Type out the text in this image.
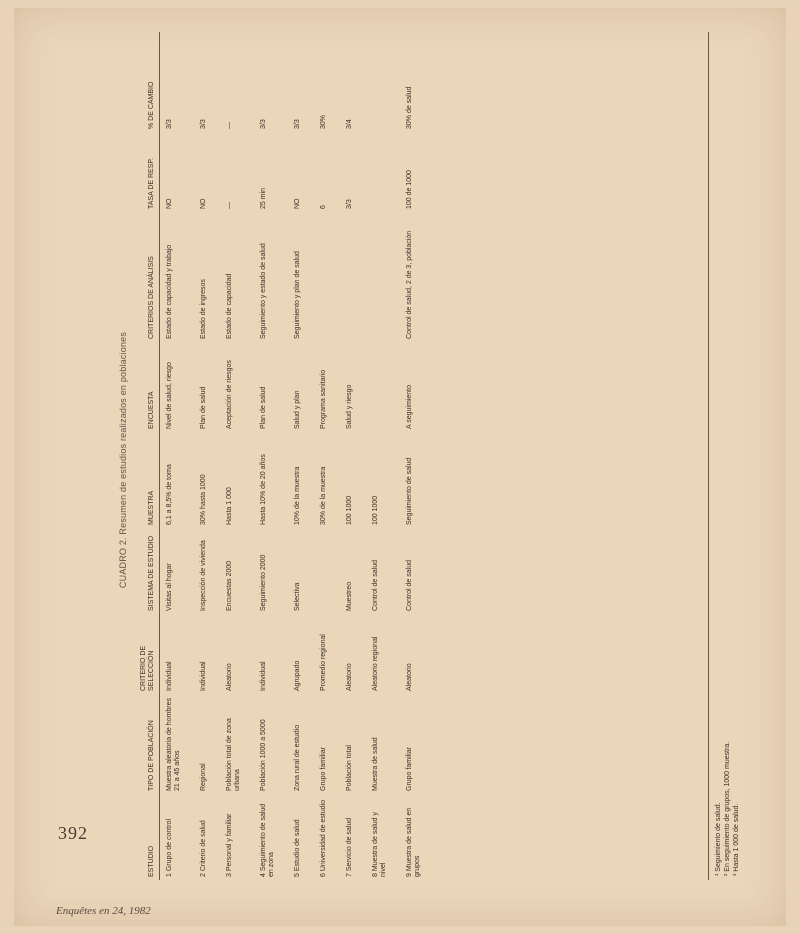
CUADRO 2. Resumen de estudios realizados en poblaciones
ESTUDIO	TIPO DE POBLACIÓN	CRITERIO DE SELECCIÓN	SISTEMA DE ESTUDIO	MUESTRA	ENCUESTA	CRITERIOS DE ANÁLISIS	TASA DE RESP.	% DE CAMBIO
1 Grupo de control	Muestra aleatoria de hombres 21 a 45 años	Individual	Visitas al hogar	6,1 a 8,5% de toma	Nivel de salud, riesgo	Estado de capacidad y trabajo	NO	3/3
2 Criterio de salud	Regional	Individual	Inspección de vivienda	30% hasta 1000	Plan de salud	Estado de ingresos	NO	3/3
3 Personal y familiar	Población total de zona urbana	Aleatorio	Encuestas 2000	Hasta 1 000	Aceptación de riesgos	Estado de capacidad	—	—
4 Seguimiento de salud en zona	Población 1000 a 5000	Individual	Seguimiento 2000	Hasta 10% de 20 años	Plan de salud	Seguimiento y estado de salud	25 min	3/3
5 Estudio de salud	Zona rural de estudio	Agrupado	Selectiva	10% de la muestra	Salud y plan	Seguimiento y plan de salud	NO	3/3
6 Universidad de estudio	Grupo familiar	Promedio regional		30% de la muestra	Programa sanitario		6	30%
7 Servicio de salud	Población total	Aleatorio	Muestreo	100 1000	Salud y riesgo		3/3	3/4
8 Muestra de salud y nivel	Muestra de salud	Aleatorio regional	Control de salud	100 1000				
9 Muestra de salud en grupos	Grupo familiar	Aleatorio	Control de salud	Seguimiento de salud	A seguimiento	Control de salud, 2 de 3, población	100 de 1000	30% de salud
¹ Seguimiento de salud.
² En seguimiento de grupos, 1000 muestra.
³ Hasta 1 000 de salud.
392
Enquêtes en 24, 1982
